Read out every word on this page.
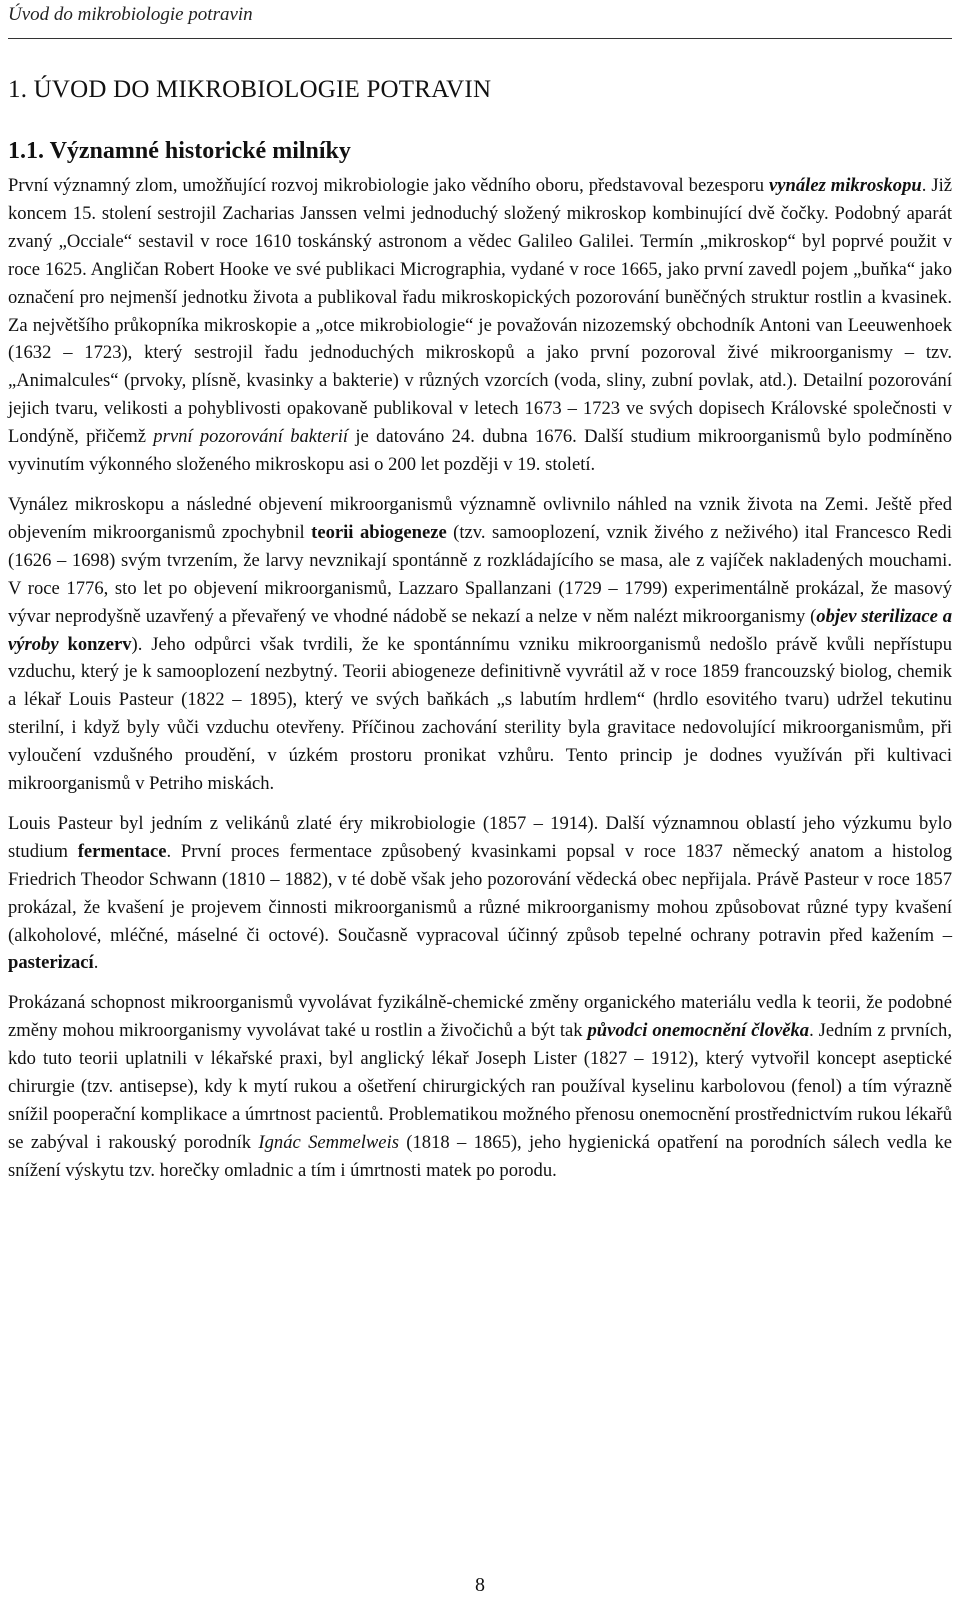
Úvod do mikrobiologie potravin
1. ÚVOD DO MIKROBIOLOGIE POTRAVIN
1.1. Významné historické milníky

První významný zlom, umožňující rozvoj mikrobiologie jako vědního oboru, představoval bezesporu vynález mikroskopu. Již koncem 15. stolení sestrojil Zacharias Janssen velmi jednoduchý složený mikroskop kombinující dvě čočky. Podobný aparát zvaný „Occiale“ sestavil v roce 1610 toskánský astronom a vědec Galileo Galilei. Termín „mikroskop“ byl poprvé použit v roce 1625. Angličan Robert Hooke ve své publikaci Micrographia, vydané v roce 1665, jako první zavedl pojem „buňka“ jako označení pro nejmenší jednotku života a publikoval řadu mikroskopických pozorování buněčných struktur rostlin a kvasinek. Za největšího průkopníka mikroskopie a „otce mikrobiologie“ je považován nizozemský obchodník Antoni van Leeuwenhoek (1632 – 1723), který sestrojil řadu jednoduchých mikroskopů a jako první pozoroval živé mikroorganismy – tzv. „Animalcules“ (prvoky, plísně, kvasinky a bakterie) v různých vzorcích (voda, sliny, zubní povlak, atd.). Detailní pozorování jejich tvaru, velikosti a pohyblivosti opakovaně publikoval v letech 1673 – 1723 ve svých dopisech Královské společnosti v Londýně, přičemž první pozorování bakterií je datováno 24. dubna 1676. Další studium mikroorganismů bylo podmíněno vyvinutím výkonného složeného mikroskopu asi o 200 let později v 19. století.

Vynález mikroskopu a následné objevení mikroorganismů významně ovlivnilo náhled na vznik života na Zemi. Ještě před objevením mikroorganismů zpochybnil teorii abiogeneze (tzv. samooplození, vznik živého z neživého) ital Francesco Redi (1626 – 1698) svým tvrzením, že larvy nevznikají spontánně z rozkládajícího se masa, ale z vajíček nakladených mouchami. V roce 1776, sto let po objevení mikroorganismů, Lazzaro Spallanzani (1729 – 1799) experimentálně prokázal, že masový vývar neprodyšně uzavřený a převařený ve vhodné nádobě se nekazí a nelze v něm nalézt mikroorganismy (objev sterilizace a výroby konzerv). Jeho odpůrci však tvrdili, že ke spontánnímu vzniku mikroorganismů nedošlo právě kvůli nepřístupu vzduchu, který je k samooplození nezbytný. Teorii abiogeneze definitivně vyvrátil až v roce 1859 francouzský biolog, chemik a lékař Louis Pasteur (1822 – 1895), který ve svých baňkách „s labutím hrdlem“ (hrdlo esovitého tvaru) udržel tekutinu sterilní, i když byly vůči vzduchu otevřeny. Příčinou zachování sterility byla gravitace nedovolující mikroorganismům, při vyloučení vzdušného proudění, v úzkém prostoru pronikat vzhůru. Tento princip je dodnes využíván při kultivaci mikroorganismů v Petriho miskách.

Louis Pasteur byl jedním z velikánů zlaté éry mikrobiologie (1857 – 1914). Další významnou oblastí jeho výzkumu bylo studium fermentace. První proces fermentace způsobený kvasinkami popsal v roce 1837 německý anatom a histolog Friedrich Theodor Schwann (1810 – 1882), v té době však jeho pozorování vědecká obec nepřijala. Právě Pasteur v roce 1857 prokázal, že kvašení je projevem činnosti mikroorganismů a různé mikroorganismy mohou způsobovat různé typy kvašení (alkoholové, mléčné, máselné či octové). Současně vypracoval účinný způsob tepelné ochrany potravin před kažením – pasterizací.

Prokázaná schopnost mikroorganismů vyvolávat fyzikálně-chemické změny organického materiálu vedla k teorii, že podobné změny mohou mikroorganismy vyvolávat také u rostlin a živočichů a být tak původci onemocnění člověka. Jedním z prvních, kdo tuto teorii uplatnili v lékařské praxi, byl anglický lékař Joseph Lister (1827 – 1912), který vytvořil koncept aseptické chirurgie (tzv. antisepse), kdy k mytí rukou a ošetření chirurgických ran používal kyselinu karbolovou (fenol) a tím výrazně snížil pooperační komplikace a úmrtnost pacientů. Problematikou možného přenosu onemocnění prostřednictvím rukou lékařů se zabýval i rakouský porodník Ignác Semmelweis (1818 – 1865), jeho hygienická opatření na porodních sálech vedla ke snížení výskytu tzv. horečky omladnic a tím i úmrtnosti matek po porodu.

8
